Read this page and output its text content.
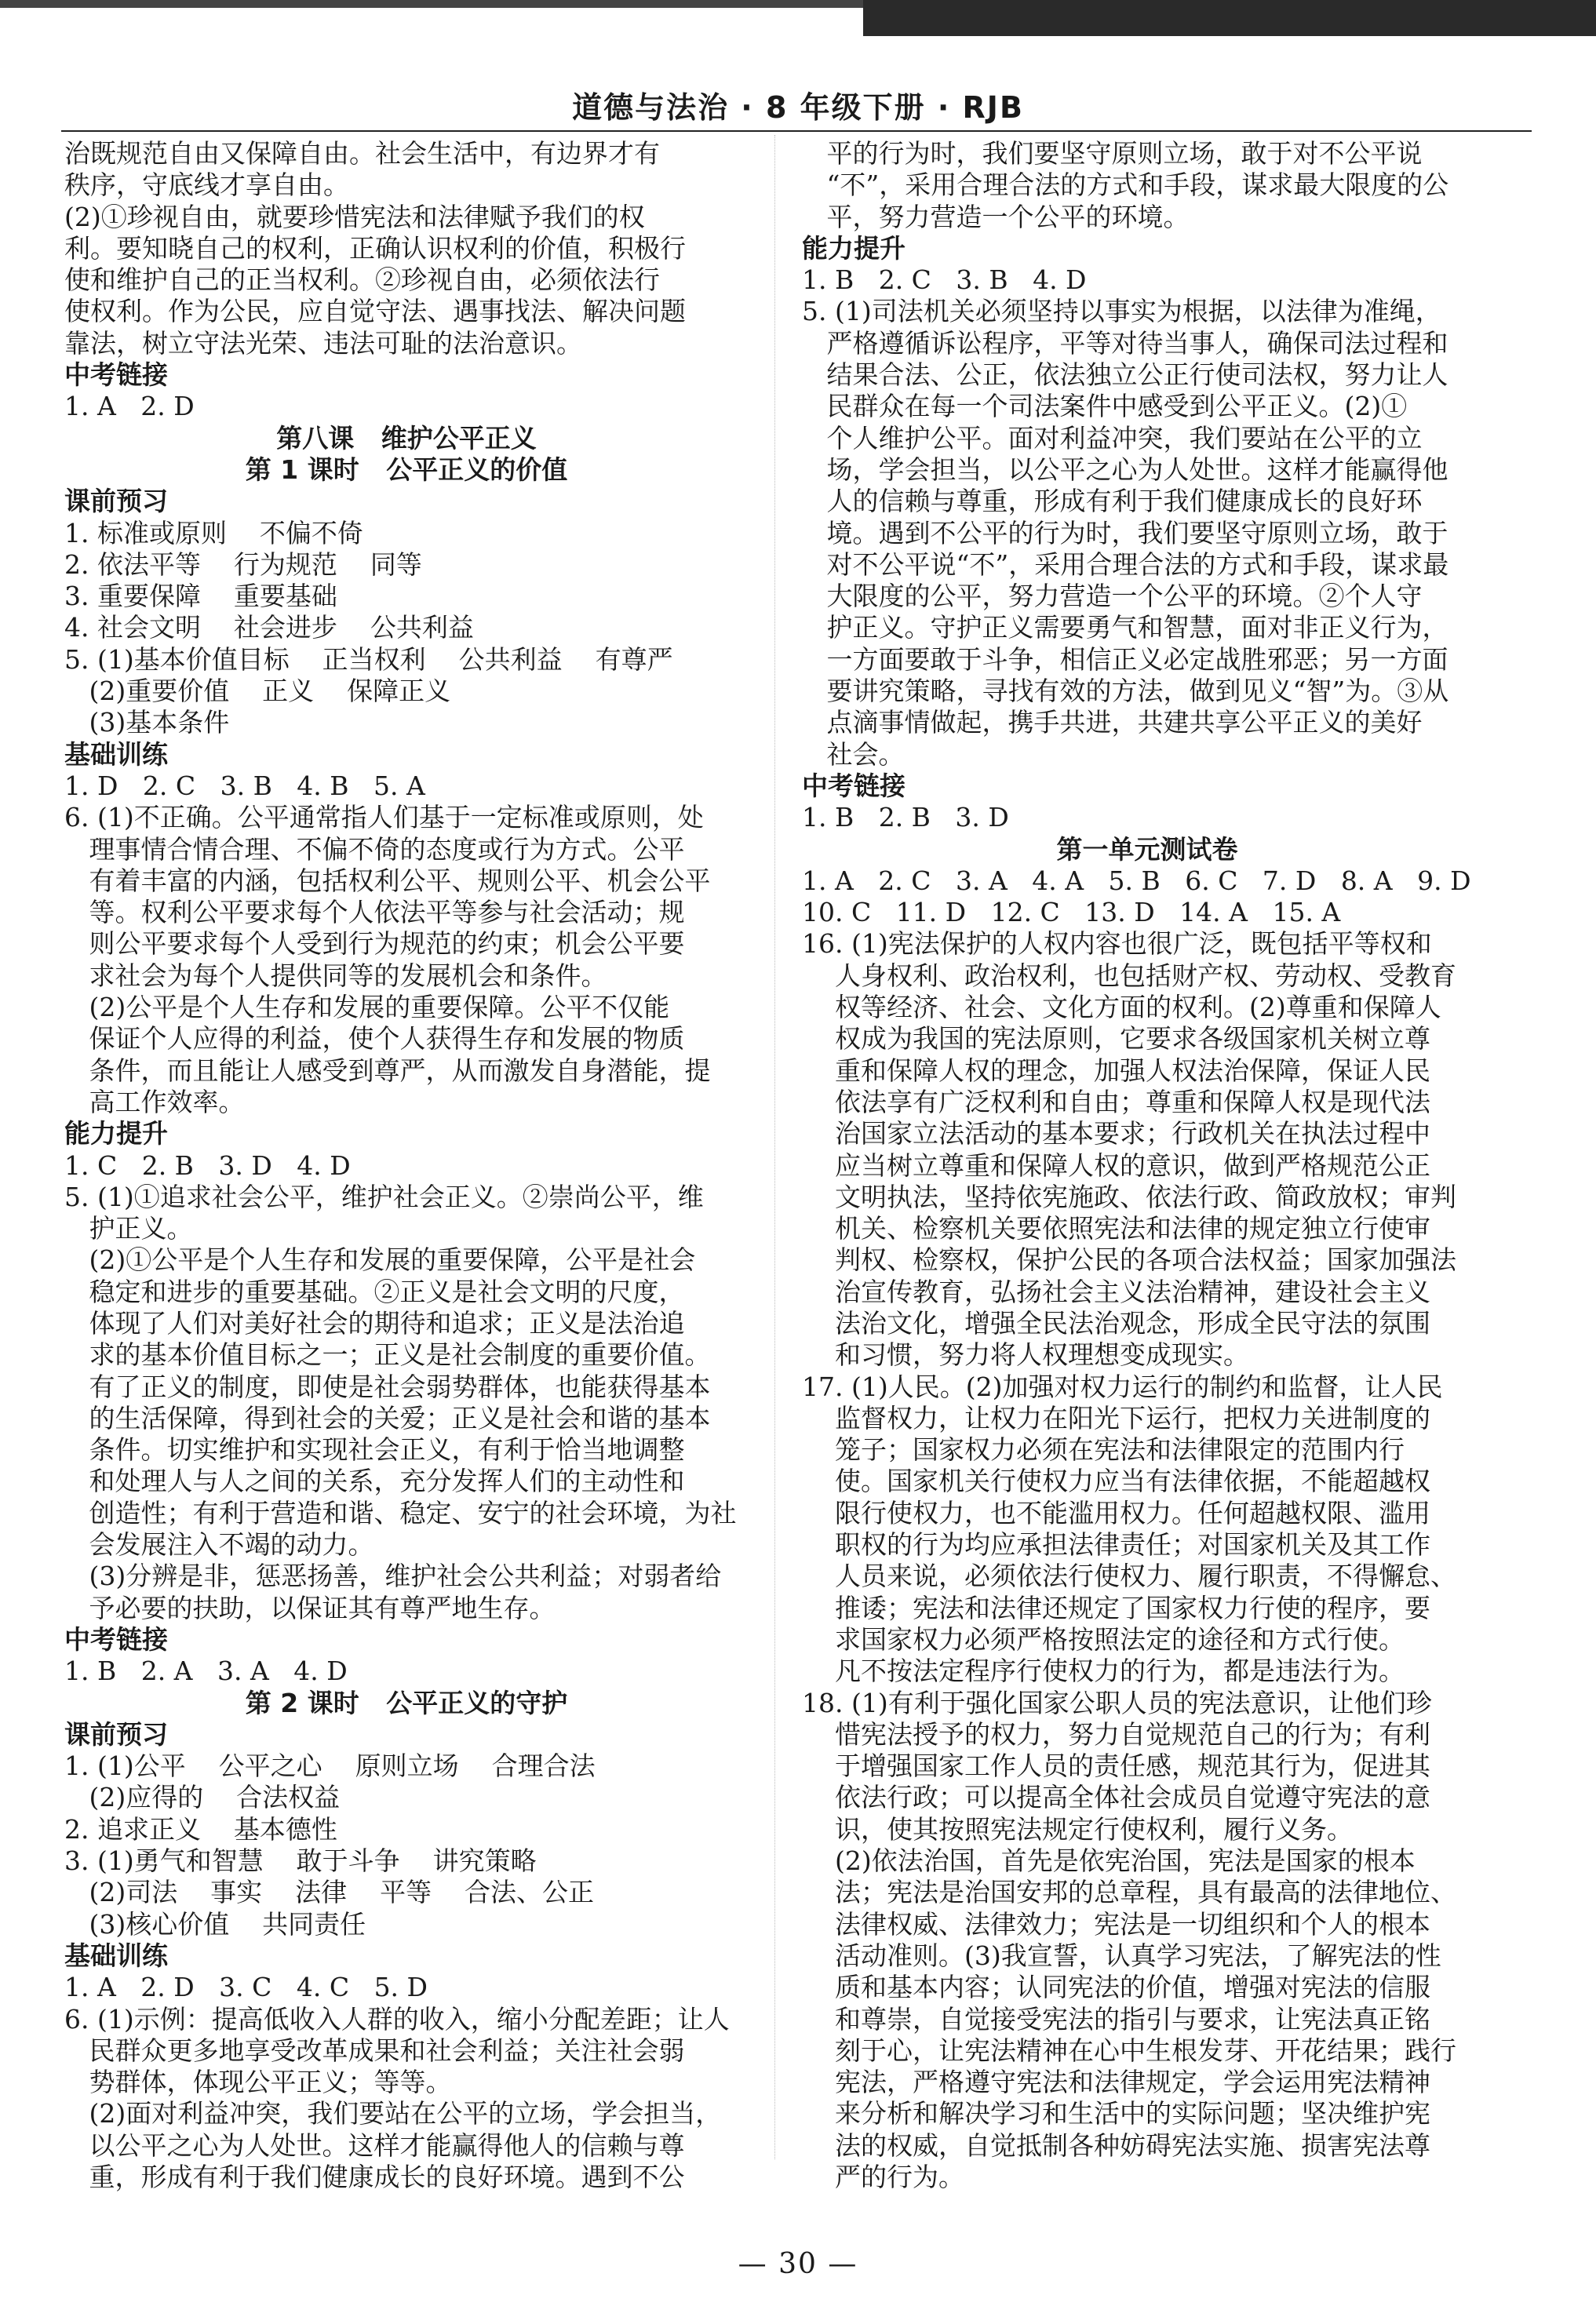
道德与法治 · 8 年级下册 · RJB
治既规范自由又保障自由。社会生活中，有边界才有
秩序，守底线才享自由。
(2)①珍视自由，就要珍惜宪法和法律赋予我们的权
利。要知晓自己的权利，正确认识权利的价值，积极行
使和维护自己的正当权利。②珍视自由，必须依法行
使权利。作为公民，应自觉守法、遇事找法、解决问题
靠法，树立守法光荣、违法可耻的法治意识。
中考链接
1. A   2. D
第八课   维护公平正义
第 1 课时   公平正义的价值
课前预习
1. 标准或原则    不偏不倚
2. 依法平等    行为规范    同等
3. 重要保障    重要基础
4. 社会文明    社会进步    公共利益
5. (1)基本价值目标    正当权利    公共利益    有尊严
(2)重要价值    正义    保障正义
(3)基本条件
基础训练
1. D   2. C   3. B   4. B   5. A
6. (1)不正确。公平通常指人们基于一定标准或原则，处
理事情合情合理、不偏不倚的态度或行为方式。公平
有着丰富的内涵，包括权利公平、规则公平、机会公平
等。权利公平要求每个人依法平等参与社会活动；规
则公平要求每个人受到行为规范的约束；机会公平要
求社会为每个人提供同等的发展机会和条件。
(2)公平是个人生存和发展的重要保障。公平不仅能
保证个人应得的利益，使个人获得生存和发展的物质
条件，而且能让人感受到尊严，从而激发自身潜能，提
高工作效率。
能力提升
1. C   2. B   3. D   4. D
5. (1)①追求社会公平，维护社会正义。②崇尚公平，维
护正义。
(2)①公平是个人生存和发展的重要保障，公平是社会
稳定和进步的重要基础。②正义是社会文明的尺度，
体现了人们对美好社会的期待和追求；正义是法治追
求的基本价值目标之一；正义是社会制度的重要价值。
有了正义的制度，即使是社会弱势群体，也能获得基本
的生活保障，得到社会的关爱；正义是社会和谐的基本
条件。切实维护和实现社会正义，有利于恰当地调整
和处理人与人之间的关系，充分发挥人们的主动性和
创造性；有利于营造和谐、稳定、安宁的社会环境，为社
会发展注入不竭的动力。
(3)分辨是非，惩恶扬善，维护社会公共利益；对弱者给
予必要的扶助，以保证其有尊严地生存。
中考链接
1. B   2. A   3. A   4. D
第 2 课时   公平正义的守护
课前预习
1. (1)公平    公平之心    原则立场    合理合法
(2)应得的    合法权益
2. 追求正义    基本德性
3. (1)勇气和智慧    敢于斗争    讲究策略
(2)司法    事实    法律    平等    合法、公正
(3)核心价值    共同责任
基础训练
1. A   2. D   3. C   4. C   5. D
6. (1)示例：提高低收入人群的收入，缩小分配差距；让人
民群众更多地享受改革成果和社会利益；关注社会弱
势群体，体现公平正义；等等。
(2)面对利益冲突，我们要站在公平的立场，学会担当，
以公平之心为人处世。这样才能赢得他人的信赖与尊
重，形成有利于我们健康成长的良好环境。遇到不公
平的行为时，我们要坚守原则立场，敢于对不公平说
“不”，采用合理合法的方式和手段，谋求最大限度的公
平，努力营造一个公平的环境。
能力提升
1. B   2. C   3. B   4. D
5. (1)司法机关必须坚持以事实为根据，以法律为准绳，
严格遵循诉讼程序，平等对待当事人，确保司法过程和
结果合法、公正，依法独立公正行使司法权，努力让人
民群众在每一个司法案件中感受到公平正义。(2)①
个人维护公平。面对利益冲突，我们要站在公平的立
场，学会担当，以公平之心为人处世。这样才能赢得他
人的信赖与尊重，形成有利于我们健康成长的良好环
境。遇到不公平的行为时，我们要坚守原则立场，敢于
对不公平说“不”，采用合理合法的方式和手段，谋求最
大限度的公平，努力营造一个公平的环境。②个人守
护正义。守护正义需要勇气和智慧，面对非正义行为，
一方面要敢于斗争，相信正义必定战胜邪恶；另一方面
要讲究策略，寻找有效的方法，做到见义“智”为。③从
点滴事情做起，携手共进，共建共享公平正义的美好
社会。
中考链接
1. B   2. B   3. D
第一单元测试卷
1. A   2. C   3. A   4. A   5. B   6. C   7. D   8. A   9. D
10. C   11. D   12. C   13. D   14. A   15. A
16. (1)宪法保护的人权内容也很广泛，既包括平等权和
人身权利、政治权利，也包括财产权、劳动权、受教育
权等经济、社会、文化方面的权利。(2)尊重和保障人
权成为我国的宪法原则，它要求各级国家机关树立尊
重和保障人权的理念，加强人权法治保障，保证人民
依法享有广泛权利和自由；尊重和保障人权是现代法
治国家立法活动的基本要求；行政机关在执法过程中
应当树立尊重和保障人权的意识，做到严格规范公正
文明执法，坚持依宪施政、依法行政、简政放权；审判
机关、检察机关要依照宪法和法律的规定独立行使审
判权、检察权，保护公民的各项合法权益；国家加强法
治宣传教育，弘扬社会主义法治精神，建设社会主义
法治文化，增强全民法治观念，形成全民守法的氛围
和习惯，努力将人权理想变成现实。
17. (1)人民。(2)加强对权力运行的制约和监督，让人民
监督权力，让权力在阳光下运行，把权力关进制度的
笼子；国家权力必须在宪法和法律限定的范围内行
使。国家机关行使权力应当有法律依据，不能超越权
限行使权力，也不能滥用权力。任何超越权限、滥用
职权的行为均应承担法律责任；对国家机关及其工作
人员来说，必须依法行使权力、履行职责，不得懈怠、
推诿；宪法和法律还规定了国家权力行使的程序，要
求国家权力必须严格按照法定的途径和方式行使。
凡不按法定程序行使权力的行为，都是违法行为。
18. (1)有利于强化国家公职人员的宪法意识，让他们珍
惜宪法授予的权力，努力自觉规范自己的行为；有利
于增强国家工作人员的责任感，规范其行为，促进其
依法行政；可以提高全体社会成员自觉遵守宪法的意
识，使其按照宪法规定行使权利，履行义务。
(2)依法治国，首先是依宪治国，宪法是国家的根本
法；宪法是治国安邦的总章程，具有最高的法律地位、
法律权威、法律效力；宪法是一切组织和个人的根本
活动准则。(3)我宣誓，认真学习宪法，了解宪法的性
质和基本内容；认同宪法的价值，增强对宪法的信服
和尊崇，自觉接受宪法的指引与要求，让宪法真正铭
刻于心，让宪法精神在心中生根发芽、开花结果；践行
宪法，严格遵守宪法和法律规定，学会运用宪法精神
来分析和解决学习和生活中的实际问题；坚决维护宪
法的权威，自觉抵制各种妨碍宪法实施、损害宪法尊
严的行为。
— 30 —
